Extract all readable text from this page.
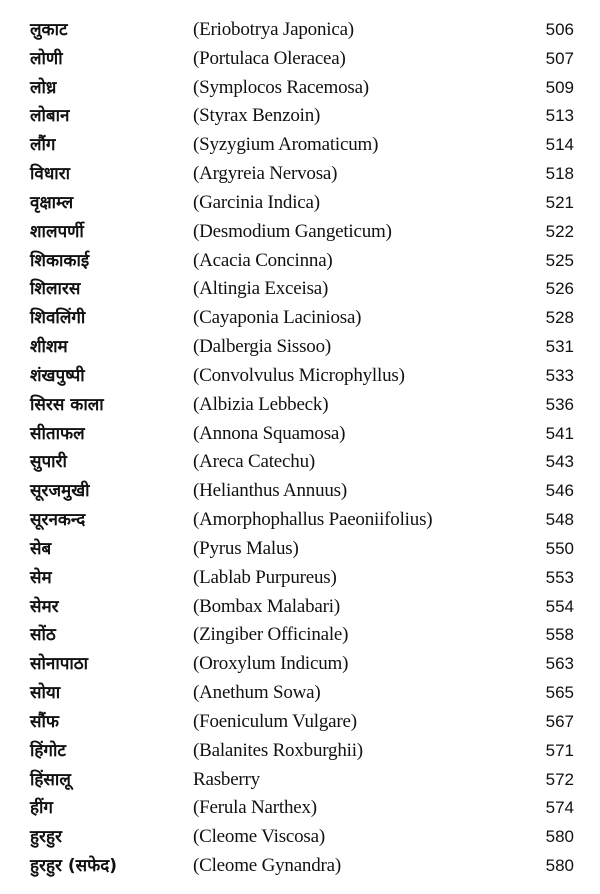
लुकाट	(Eriobotrya Japonica)	506
लोणी	(Portulaca Oleracea)	507
लोध्र	(Symplocos Racemosa)	509
लोबान	(Styrax Benzoin)	513
लौंग	(Syzygium Aromaticum)	514
विधारा	(Argyreia Nervosa)	518
वृक्षाम्ल	(Garcinia Indica)	521
शालपर्णी	(Desmodium Gangeticum)	522
शिकाकाई	(Acacia Concinna)	525
शिलारस	(Altingia Exceisa)	526
शिवलिंगी	(Cayaponia Laciniosa)	528
शीशम	(Dalbergia Sissoo)	531
शंखपुष्पी	(Convolvulus Microphyllus)	533
सिरस काला	(Albizia Lebbeck)	536
सीताफल	(Annona Squamosa)	541
सुपारी	(Areca Catechu)	543
सूरजमुखी	(Helianthus Annuus)	546
सूरनकन्द	(Amorphophallus Paeoniifolius)	548
सेब	(Pyrus Malus)	550
सेम	(Lablab Purpureus)	553
सेमर	(Bombax Malabari)	554
सोंठ	(Zingiber Officinale)	558
सोनापाठा	(Oroxylum Indicum)	563
सोया	(Anethum Sowa)	565
सौंफ	(Foeniculum Vulgare)	567
हिंगोट	(Balanites Roxburghii)	571
हिंसालू	Rasberry	572
हींग	(Ferula Narthex)	574
हुरहुर	(Cleome Viscosa)	580
हुरहुर (सफेद)	(Cleome Gynandra)	580
